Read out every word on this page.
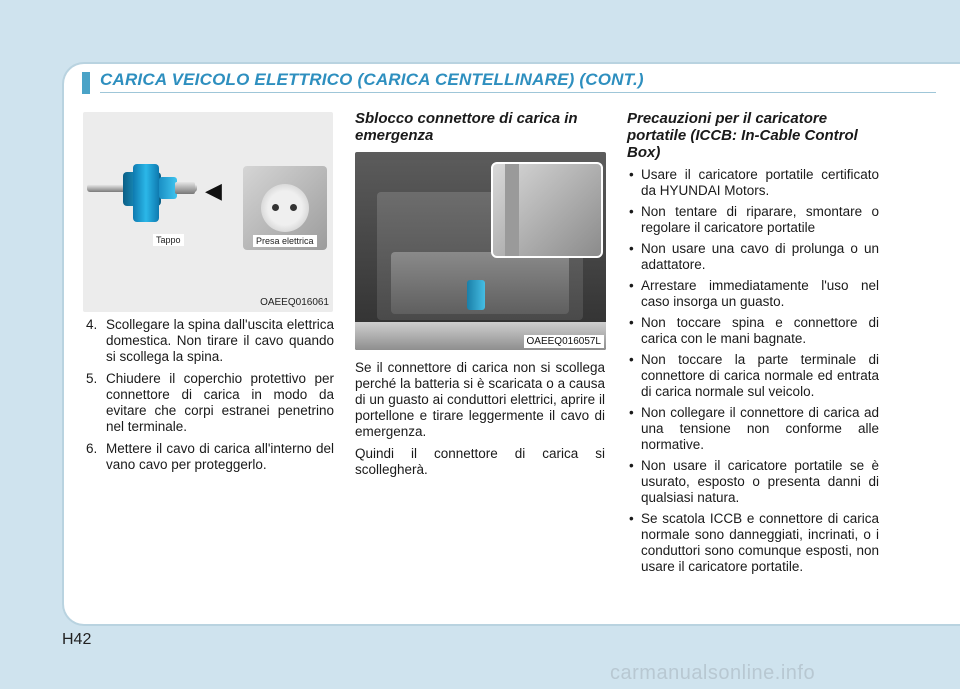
CARICA VEICOLO ELETTRICO (CARICA CENTELLINARE) (CONT.)
◀
Tappo	Presa elettrica
OAEEQ016061
4. Scollegare la spina dall'uscita elettrica domestica. Non tirare il cavo quando si scollega la spina.
5. Chiudere il coperchio protettivo per connettore di carica in modo da evitare che corpi estranei penetrino nel terminale.
6. Mettere il cavo di carica all'interno del vano cavo per proteggerlo.
Sblocco connettore di carica in emergenza
OAEEQ016057L

Se il connettore di carica non si scollega perché la batteria si è scaricata o a causa di un guasto ai conduttori elettrici, aprire il portellone e tirare leggermente il cavo di emergenza.

Quindi il connettore di carica si scollegherà.

Precauzioni per il caricatore portatile (ICCB: In-Cable Control Box)
• Usare il caricatore portatile certificato da HYUNDAI Motors.
• Non tentare di riparare, smontare o regolare il caricatore portatile
• Non usare una cavo di prolunga o un adattatore.
• Arrestare immediatamente l'uso nel caso insorga un guasto.
• Non toccare spina e connettore di carica con le mani bagnate.
• Non toccare la parte terminale di connettore di carica normale ed entrata di carica normale sul veicolo.
• Non collegare il connettore di carica ad una tensione non conforme alle normative.
• Non usare il caricatore portatile se è usurato, esposto o presenta danni di qualsiasi natura.
• Se scatola ICCB e connettore di carica normale sono danneggiati, incrinati, o i conduttori sono comunque esposti, non usare il caricatore portatile.
H42
carmanualsonline.info
